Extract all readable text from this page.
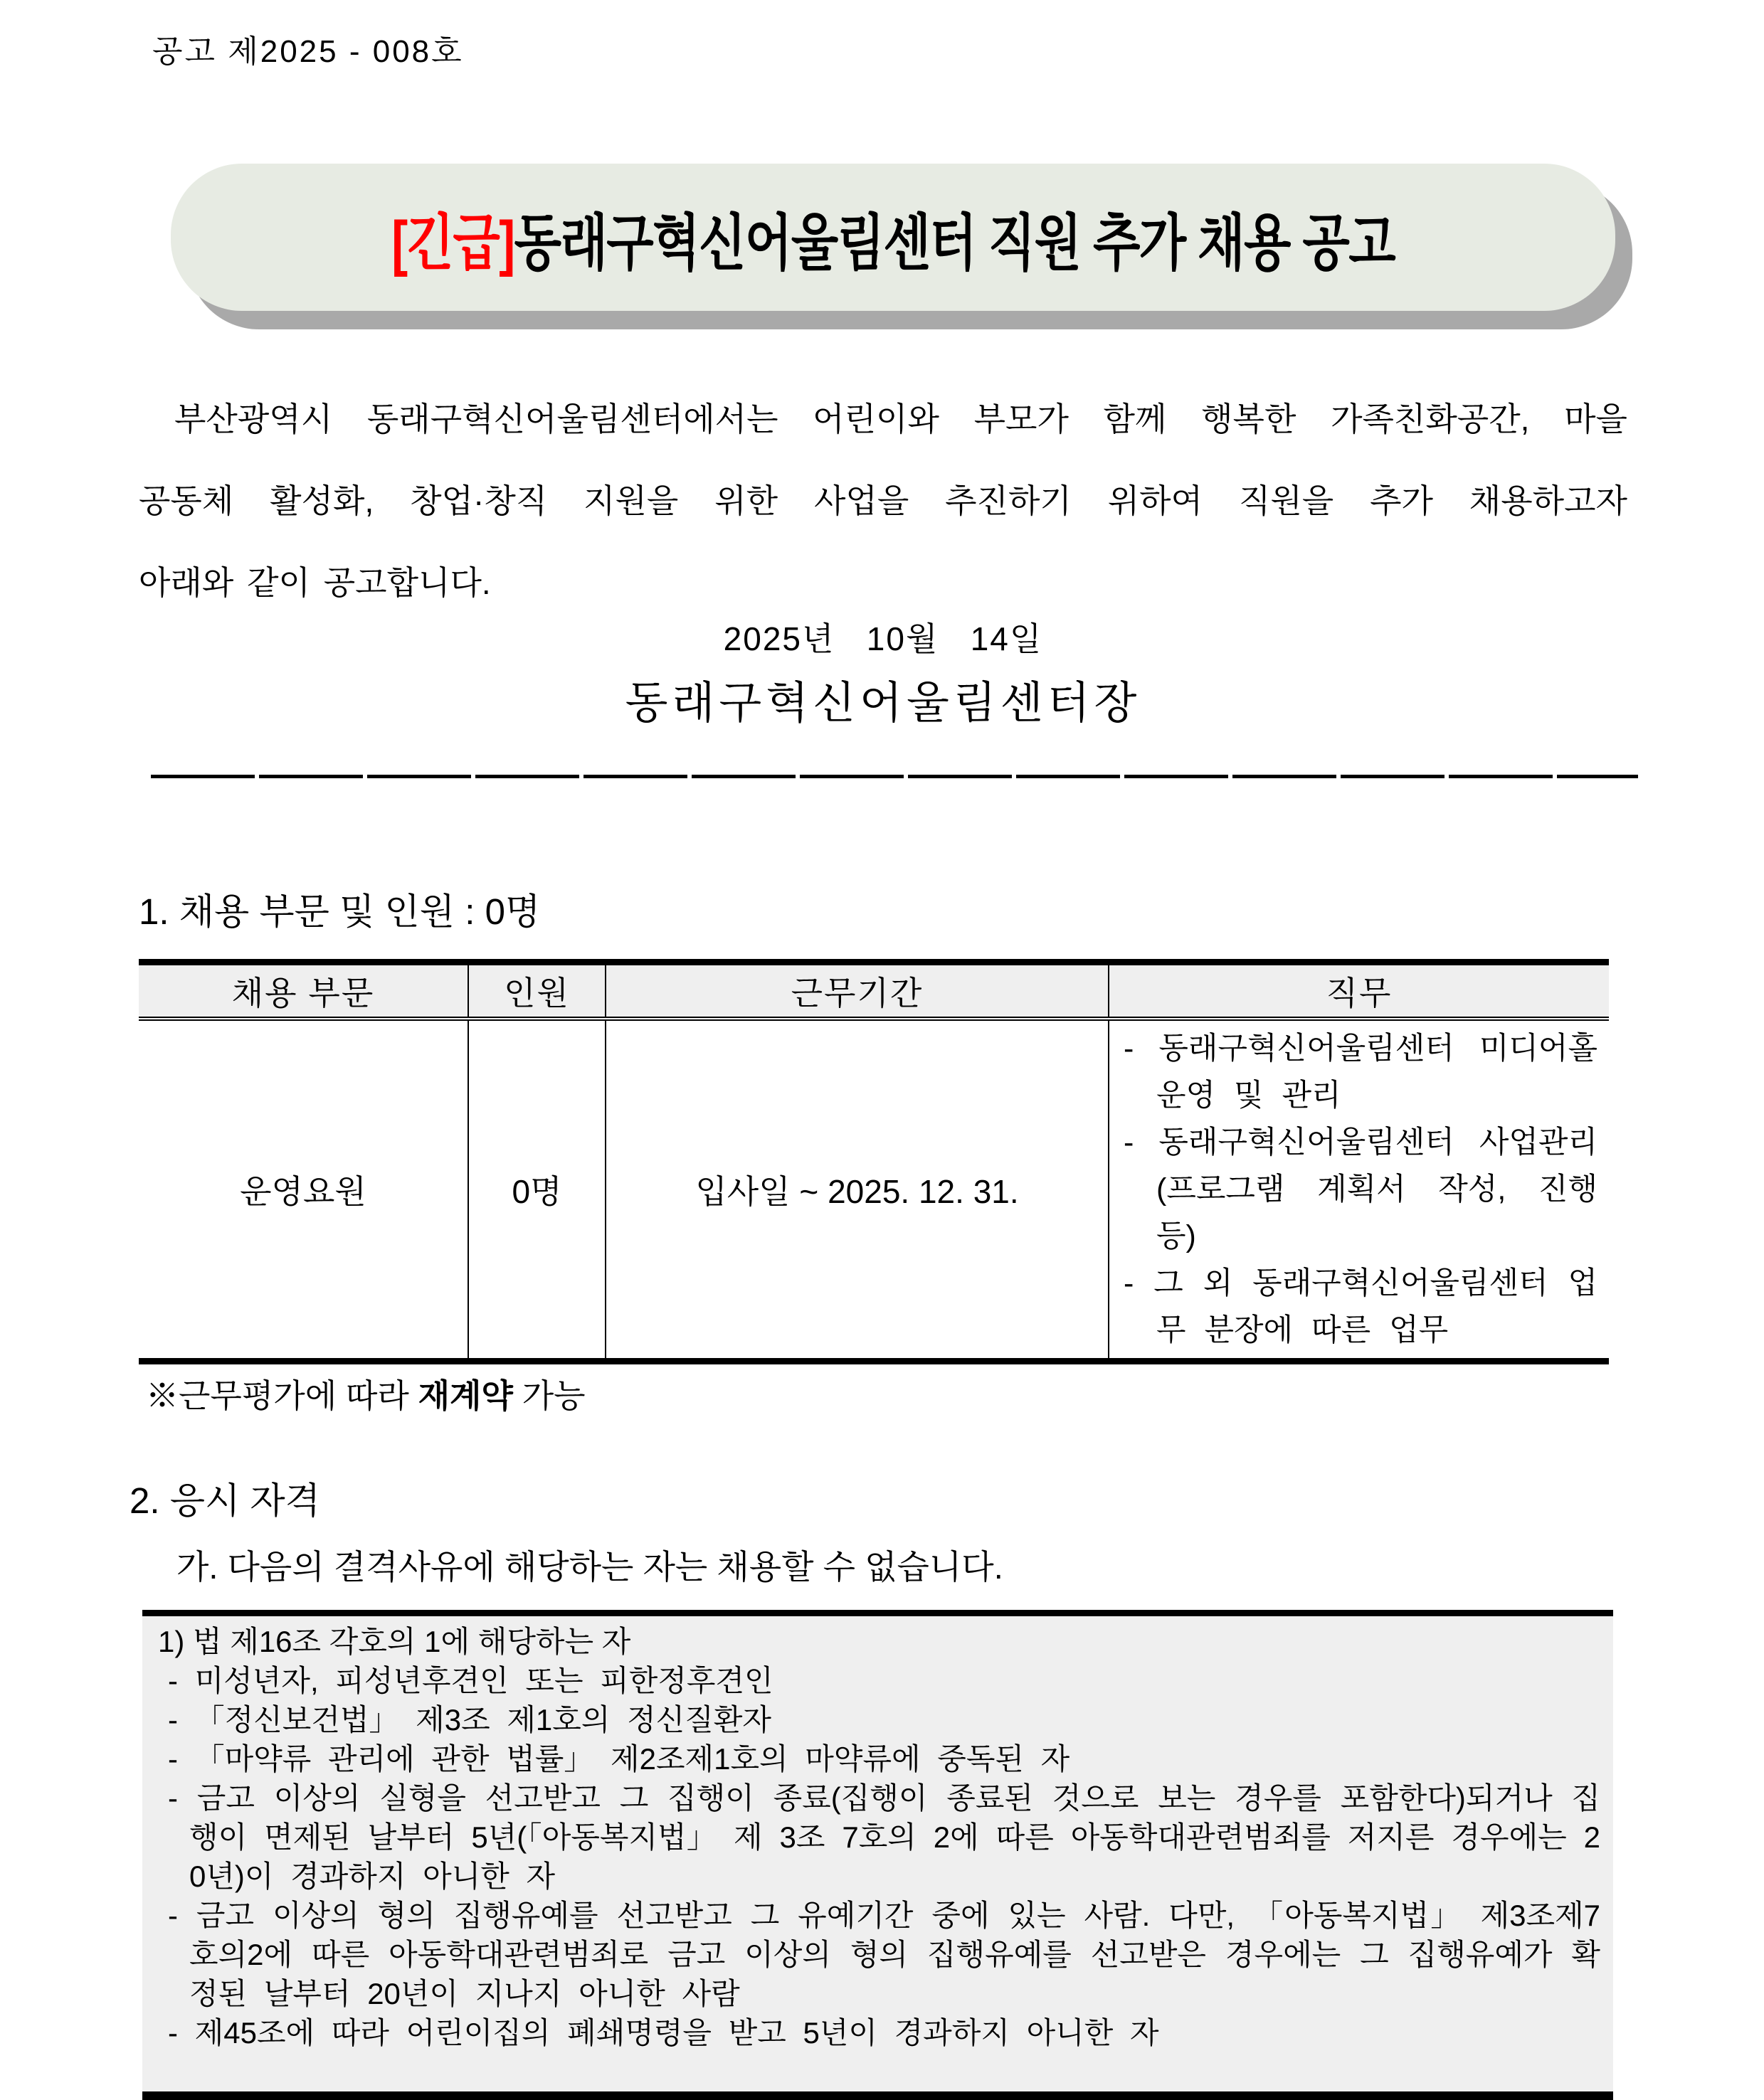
공고 제2025 - 008호
[긴급]동래구혁신어울림센터 직원 추가 채용 공고
부산광역시 동래구혁신어울림센터에서는 어린이와 부모가 함께 행복한 가족친화공간, 마을
공동체 활성화, 창업·창직 지원을 위한 사업을 추진하기 위하여 직원을 추가 채용하고자
아래와 같이 공고합니다.
2025년   10월   14일
동래구혁신어울림센터장
1. 채용 부문 및 인원 : 0명
채용 부문	인원	근무기간	직무
운영요원	0명	입사일 ~ 2025. 12. 31.	- 동래구혁신어울림센터 미디어홀 운영 및 관리
- 동래구혁신어울림센터 사업관리(프로그램 계획서 작성, 진행 등)
- 그 외 동래구혁신어울림센터 업무 분장에 따른 업무
※근무평가에 따라 재계약 가능
2. 응시 자격
가. 다음의 결격사유에 해당하는 자는 채용할 수 없습니다.
1) 법 제16조 각호의 1에 해당하는 자
- 미성년자, 피성년후견인 또는 피한정후견인
- 「정신보건법」 제3조 제1호의 정신질환자
- 「마약류 관리에 관한 법률」 제2조제1호의 마약류에 중독된 자
- 금고 이상의 실형을 선고받고 그 집행이 종료(집행이 종료된 것으로 보는 경우를 포함한다)되거나 집행이 면제된 날부터 5년(「아동복지법」 제 3조 7호의 2에 따른 아동학대관련범죄를 저지른 경우에는 20년)이 경과하지 아니한 자
- 금고 이상의 형의 집행유예를 선고받고 그 유예기간 중에 있는 사람. 다만, 「아동복지법」 제3조제7호의2에 따른 아동학대관련범죄로 금고 이상의 형의 집행유예를 선고받은 경우에는 그 집행유예가 확정된 날부터 20년이 지나지 아니한 사람
- 제45조에 따라 어린이집의 폐쇄명령을 받고 5년이 경과하지 아니한 자
